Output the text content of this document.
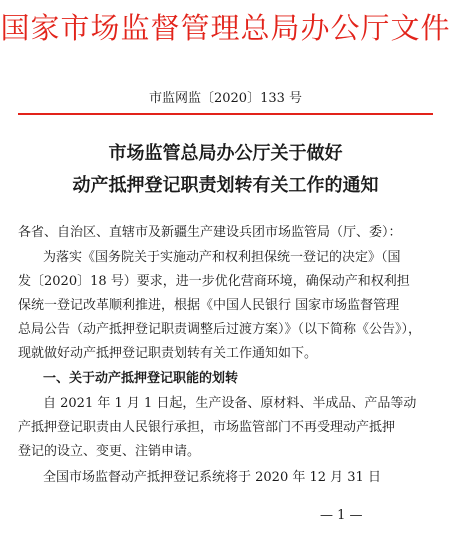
国家市场监督管理总局办公厅文件
市监网监〔2020〕133 号
市场监管总局办公厅关于做好
动产抵押登记职责划转有关工作的通知
各省、自治区、直辖市及新疆生产建设兵团市场监管局（厅、委）：
为落实《国务院关于实施动产和权利担保统一登记的决定》（国
发〔2020〕18 号）要求，进一步优化营商环境，确保动产和权利担
保统一登记改革顺利推进，根据《中国人民银行 国家市场监督管理
总局公告（动产抵押登记职责调整后过渡方案）》（以下简称《公告》），
现就做好动产抵押登记职责划转有关工作通知如下。
一、关于动产抵押登记职能的划转
自 2021 年 1 月 1 日起，生产设备、原材料、半成品、产品等动
产抵押登记职责由人民银行承担，市场监管部门不再受理动产抵押
登记的设立、变更、注销申请。
全国市场监督动产抵押登记系统将于 2020 年 12 月 31 日
— 1 —
